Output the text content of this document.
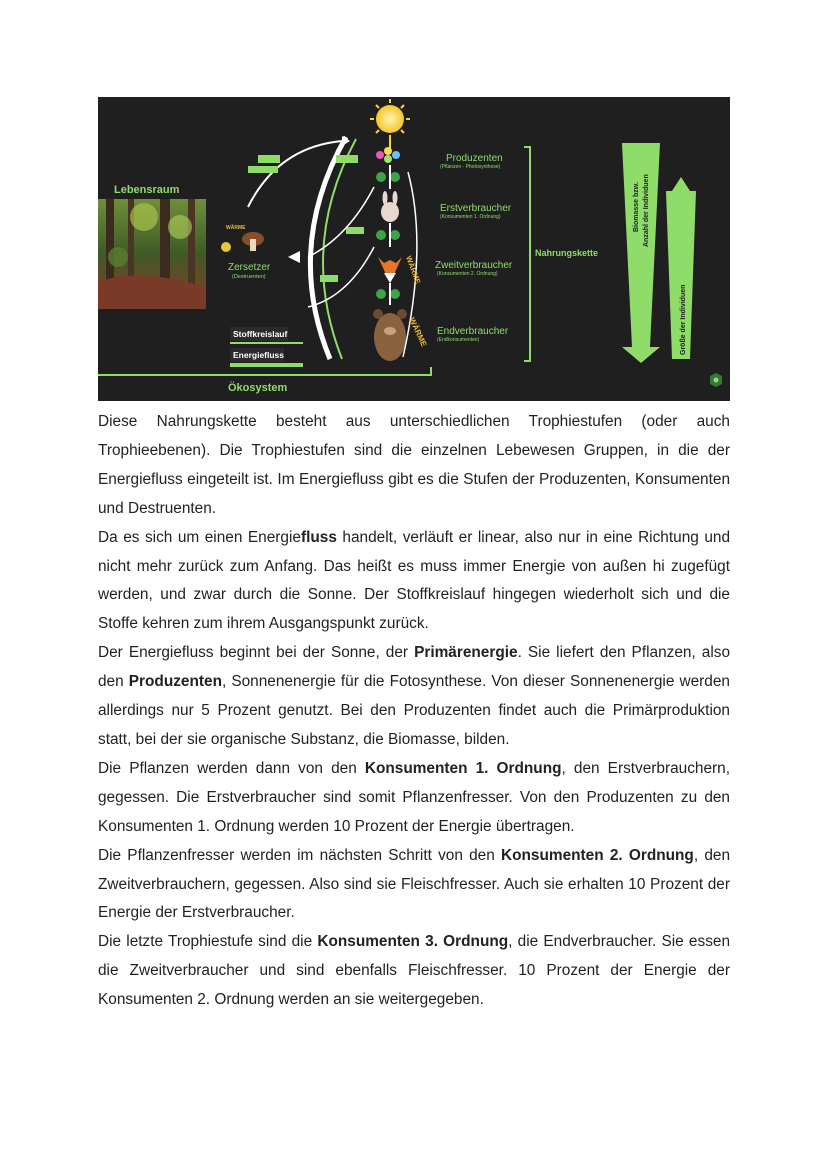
Lebensraum
Ökosystem
Stoffkreislauf
Energiefluss
Zersetzer
(Destruenten)
WÄRME
WÄRME
WÄRME
Produzenten
(Pflanzen - Photosynthese)
Erstverbraucher
(Konsumenten 1. Ordnung)
Zweitverbraucher
(Konsumenten 2. Ordnung)
Endverbraucher
(Endkonsumenten)
Nahrungskette
Biomasse bzw. Anzahl der Individuen
Größe der Individuen

Diese Nahrungskette besteht aus unterschiedlichen Trophiestufen (oder auch Trophieebenen). Die Trophiestufen sind die einzelnen Lebewesen Gruppen, in die der Energiefluss eingeteilt ist. Im Energiefluss gibt es die Stufen der Produzenten, Konsumenten und Destruenten.

Da es sich um einen Energiefluss handelt, verläuft er linear, also nur in eine Richtung und nicht mehr zurück zum Anfang. Das heißt es muss immer Energie von außen hi zugefügt werden, und zwar durch die Sonne. Der Stoffkreislauf hingegen wiederholt sich und die Stoffe kehren zum ihrem Ausgangspunkt zurück.

Der Energiefluss beginnt bei der Sonne, der Primärenergie. Sie liefert den Pflanzen, also den Produzenten, Sonnenenergie für die Fotosynthese. Von dieser Sonnenenergie werden allerdings nur 5 Prozent genutzt. Bei den Produzenten findet auch die Primärproduktion statt, bei der sie organische Substanz, die Biomasse, bilden.

Die Pflanzen werden dann von den Konsumenten 1. Ordnung, den Erstverbrauchern, gegessen. Die Erstverbraucher sind somit Pflanzenfresser. Von den Produzenten zu den Konsumenten 1. Ordnung werden 10 Prozent der Energie übertragen.

Die Pflanzenfresser werden im nächsten Schritt von den Konsumenten 2. Ordnung, den Zweitverbrauchern, gegessen. Also sind sie Fleischfresser. Auch sie erhalten 10 Prozent der Energie der Erstverbraucher.

Die letzte Trophiestufe sind die Konsumenten 3. Ordnung, die Endverbraucher. Sie essen die Zweitverbraucher und sind ebenfalls Fleischfresser. 10 Prozent der Energie der Konsumenten 2. Ordnung werden an sie weitergegeben.
